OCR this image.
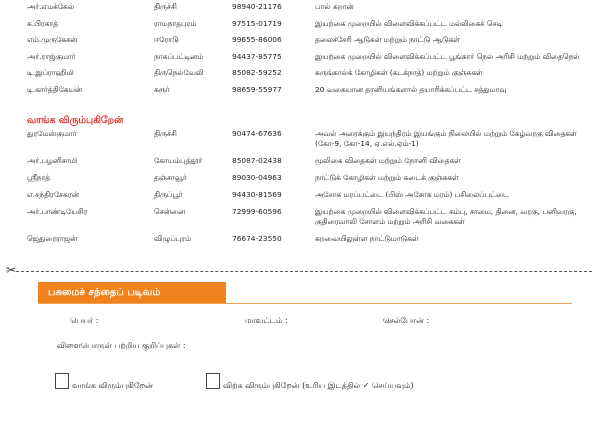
அர்.எமக்கேல்	திருச்சி	98940-21176	பால் கறான்
க.பிரகாத்	ராமநாதபுரம்	97515-01719	இயற்கை முறையில் விளைவிக்கப்பட்ட மல்லிகைச் செடி
எம்.முருகேசன்	ஈரோடு	99655-86006	தலைச்சேரி ஆடுகள் மற்றும் நாட்டு ஆடுகள்
அர்.ராஜ்குமார்	நாகப்பட்டினம்	94437-85775	இயற்கை முறையில் விளைவிக்கப்பட்ட பூங்கார் நெல் அரிசி மற்றும் விதைநெல்
டி.இப்ராஹிமி	திருநெல்வேலி	85082-59252	கருங்கால்க் கோழிகள் (கடக்நாத்) மற்றும் குஞ்சுகள்
டி.கார்த்திகேயன்	கரூர்	98659-55977	20 வகையான தானியங்களால் தயாரிக்கப்பட்ட சத்துமாவு
வாங்க விரும்புகிறேன்
துரமேஸ்குமார்	திருச்சி	90474-67636	அவல் அரைக்கும் இயந்திரம் இயங்கும் நிலையில் மற்றும் கேழ்வரகு விதைகள் (கோ-9, கோ-14, ஏ.எல்.ஏம்-1)
அர்.பழனிசாமி	கோயம்புத்தூர்	85087-02438	மூலிகை விதைகள் மற்றும் நோனி விதைகள்
ஸ்ரீநாத்	தஞ்சாவூர்	89030-04963	நாட்டுக் கோழிகள் மற்றும் கடைக் குஞ்சுகள்
எ.சந்திரசேகரன்	திருப்பூர்	94430-81569	அசோக மரப்பட்டை (பிஸ் அசோக மரம்) பசிலைப்பட்டை
அர்.பாண்டியேசிர	சென்னை	72999-60596	இயற்கை முறையில் விளைவிக்கப்பட்ட கம்பு, சாமை, தினை, வரகு, பனிவரகு, குதிரைவாலி சோளம் மற்றும் அரிசி வகைகள்
ஜெதுரைராஜன்	விழுப்புரம்	76674-23550	கறவையிலுள்ள நாட்டுமாடுகள்
✂
பசுமைச் சந்தைப் படிவம்
பெயர் :	மாவட்டம் :	செல்போன் :
விளைபொருள் பற்றிய குறிப்புகள் :
வாங்க விரும்புகிறேன்	விற்க விரும்புகிறேன் (உரிய இடத்தில் ✓ செய்யவும்)
